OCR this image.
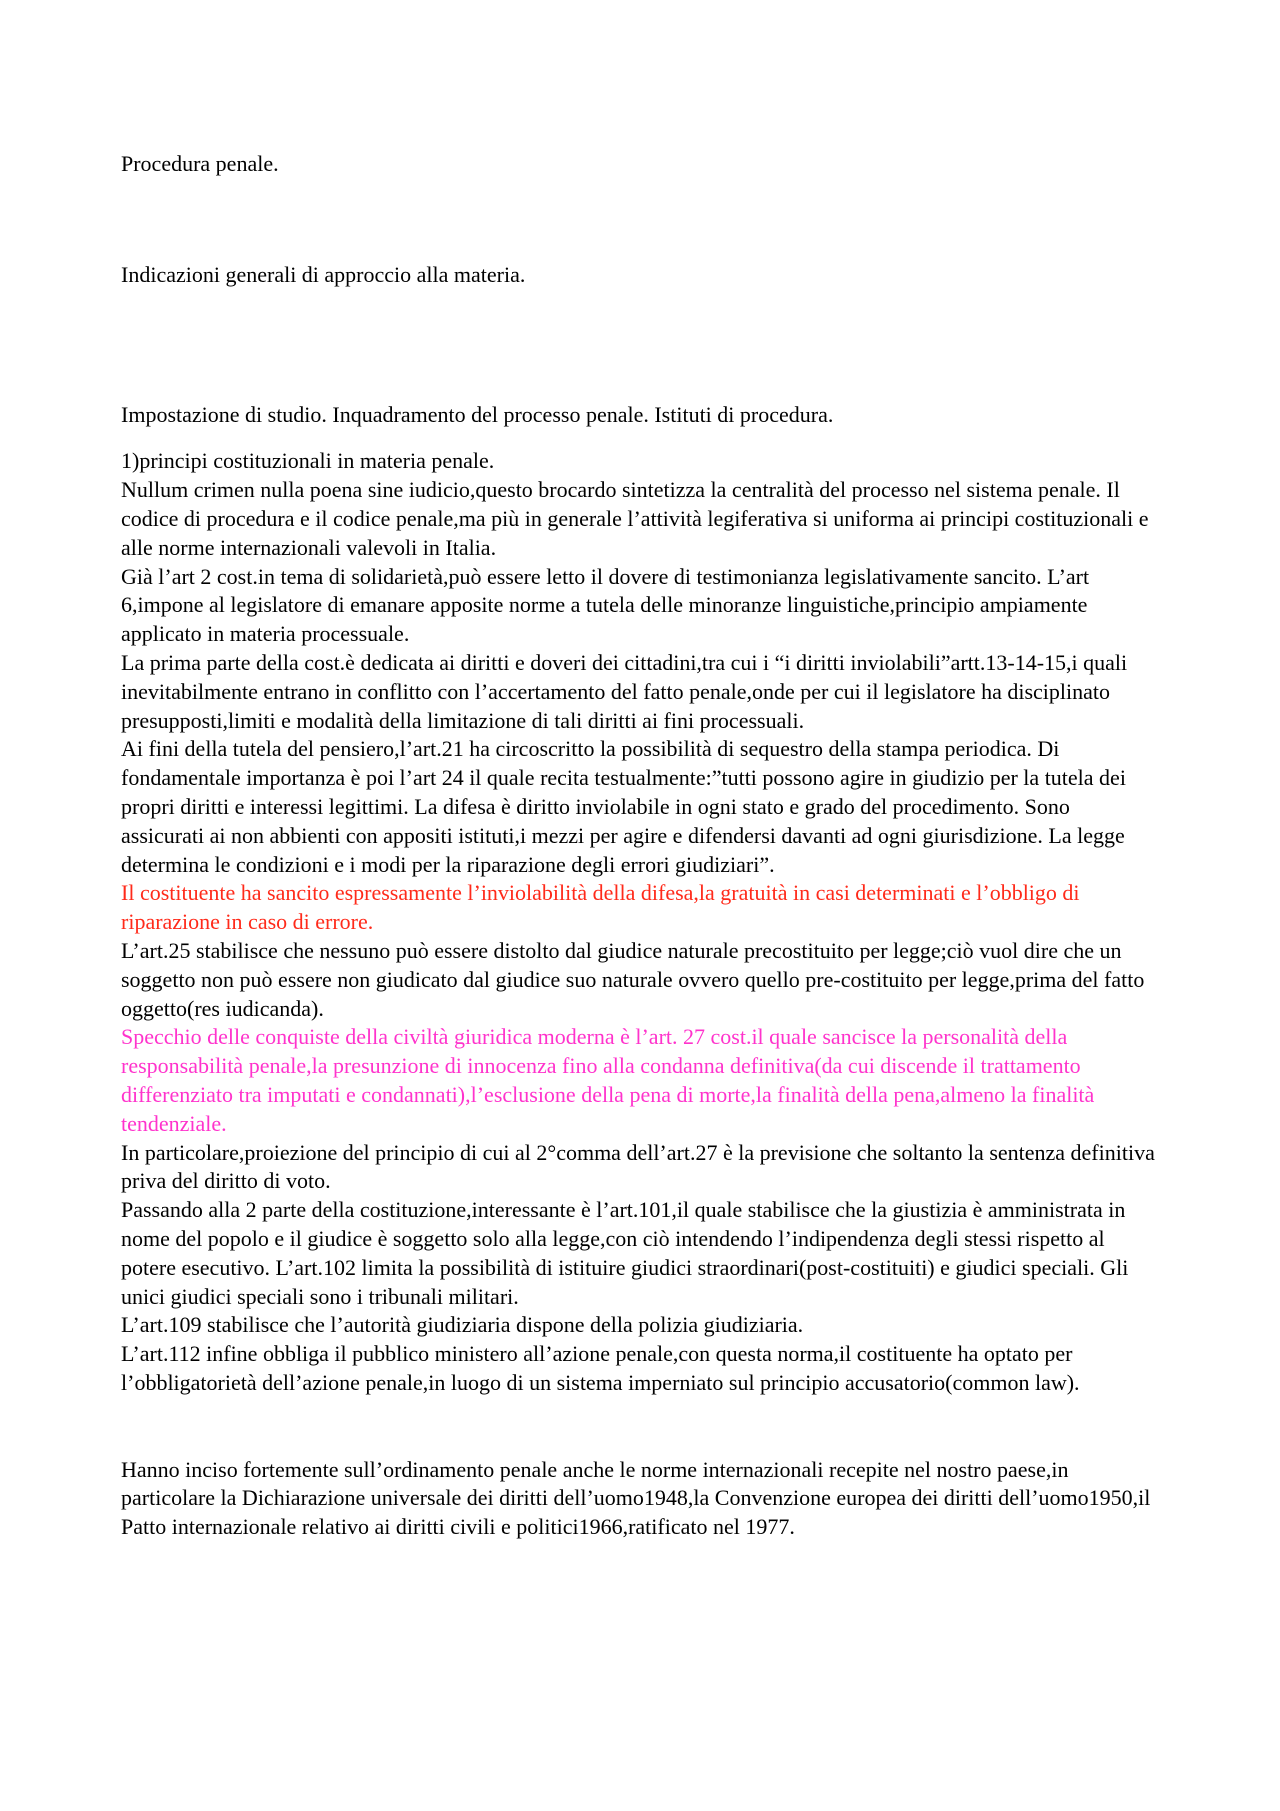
Procedura penale.

Indicazioni generali di approccio alla materia.

Impostazione di studio. Inquadramento del processo penale. Istituti di procedura.

1)principi costituzionali in materia penale.

Nullum crimen nulla poena sine iudicio,questo brocardo sintetizza la centralità del processo nel sistema penale. Il codice di procedura e il codice penale,ma più in generale l’attività legiferativa si uniforma ai principi costituzionali e alle norme internazionali valevoli in Italia.

Già l’art 2 cost.in tema di solidarietà,può essere letto il dovere di testimonianza legislativamente sancito. L’art 6,impone al legislatore di emanare apposite norme a tutela delle minoranze linguistiche,principio ampiamente applicato in materia processuale.

La prima parte della cost.è dedicata ai diritti e doveri dei cittadini,tra cui i “i diritti inviolabili”artt.13-14-15,i quali inevitabilmente entrano in conflitto con l’accertamento del fatto penale,onde per cui il legislatore ha disciplinato presupposti,limiti e modalità della limitazione di tali diritti ai fini processuali.

Ai fini della tutela del pensiero,l’art.21 ha circoscritto la possibilità di sequestro della stampa periodica. Di fondamentale importanza è poi l’art 24 il quale recita testualmente:”tutti possono agire in giudizio per la tutela dei propri diritti e interessi legittimi. La difesa è diritto inviolabile in ogni stato e grado del procedimento. Sono assicurati ai non abbienti con appositi istituti,i mezzi per agire e difendersi davanti ad ogni giurisdizione. La legge determina le condizioni e i modi per la riparazione degli errori giudiziari”.

Il costituente ha sancito espressamente l’inviolabilità della difesa,la gratuità in casi determinati e l’obbligo di riparazione in caso di errore.

L’art.25 stabilisce che nessuno può essere distolto dal giudice naturale precostituito per legge;ciò vuol dire che un soggetto non può essere non giudicato dal giudice suo naturale ovvero quello pre-costituito per legge,prima del fatto oggetto(res iudicanda).

Specchio delle conquiste della civiltà giuridica moderna è l’art. 27 cost.il quale sancisce la personalità della responsabilità penale,la presunzione di innocenza fino alla condanna definitiva(da cui discende il trattamento differenziato tra imputati e condannati),l’esclusione della pena di morte,la finalità della pena,almeno la finalità tendenziale.

In particolare,proiezione del principio di cui al 2°comma dell’art.27 è la previsione che soltanto la sentenza definitiva priva del diritto di voto.

Passando alla 2 parte della costituzione,interessante è l’art.101,il quale stabilisce che la giustizia è amministrata in nome del popolo e il giudice è soggetto solo alla legge,con ciò intendendo l’indipendenza degli stessi rispetto al potere esecutivo. L’art.102 limita la possibilità di istituire giudici straordinari(post-costituiti) e giudici speciali. Gli unici giudici speciali sono i tribunali militari.

L’art.109 stabilisce che l’autorità giudiziaria dispone della polizia giudiziaria.

L’art.112 infine obbliga il pubblico ministero all’azione penale,con questa norma,il costituente ha optato per l’obbligatorietà dell’azione penale,in luogo di un sistema imperniato sul principio accusatorio(common law).

Hanno inciso fortemente sull’ordinamento penale anche le norme internazionali recepite nel nostro paese,in particolare la Dichiarazione universale dei diritti dell’uomo1948,la Convenzione europea dei diritti dell’uomo1950,il Patto internazionale relativo ai diritti civili e politici1966,ratificato nel 1977.
